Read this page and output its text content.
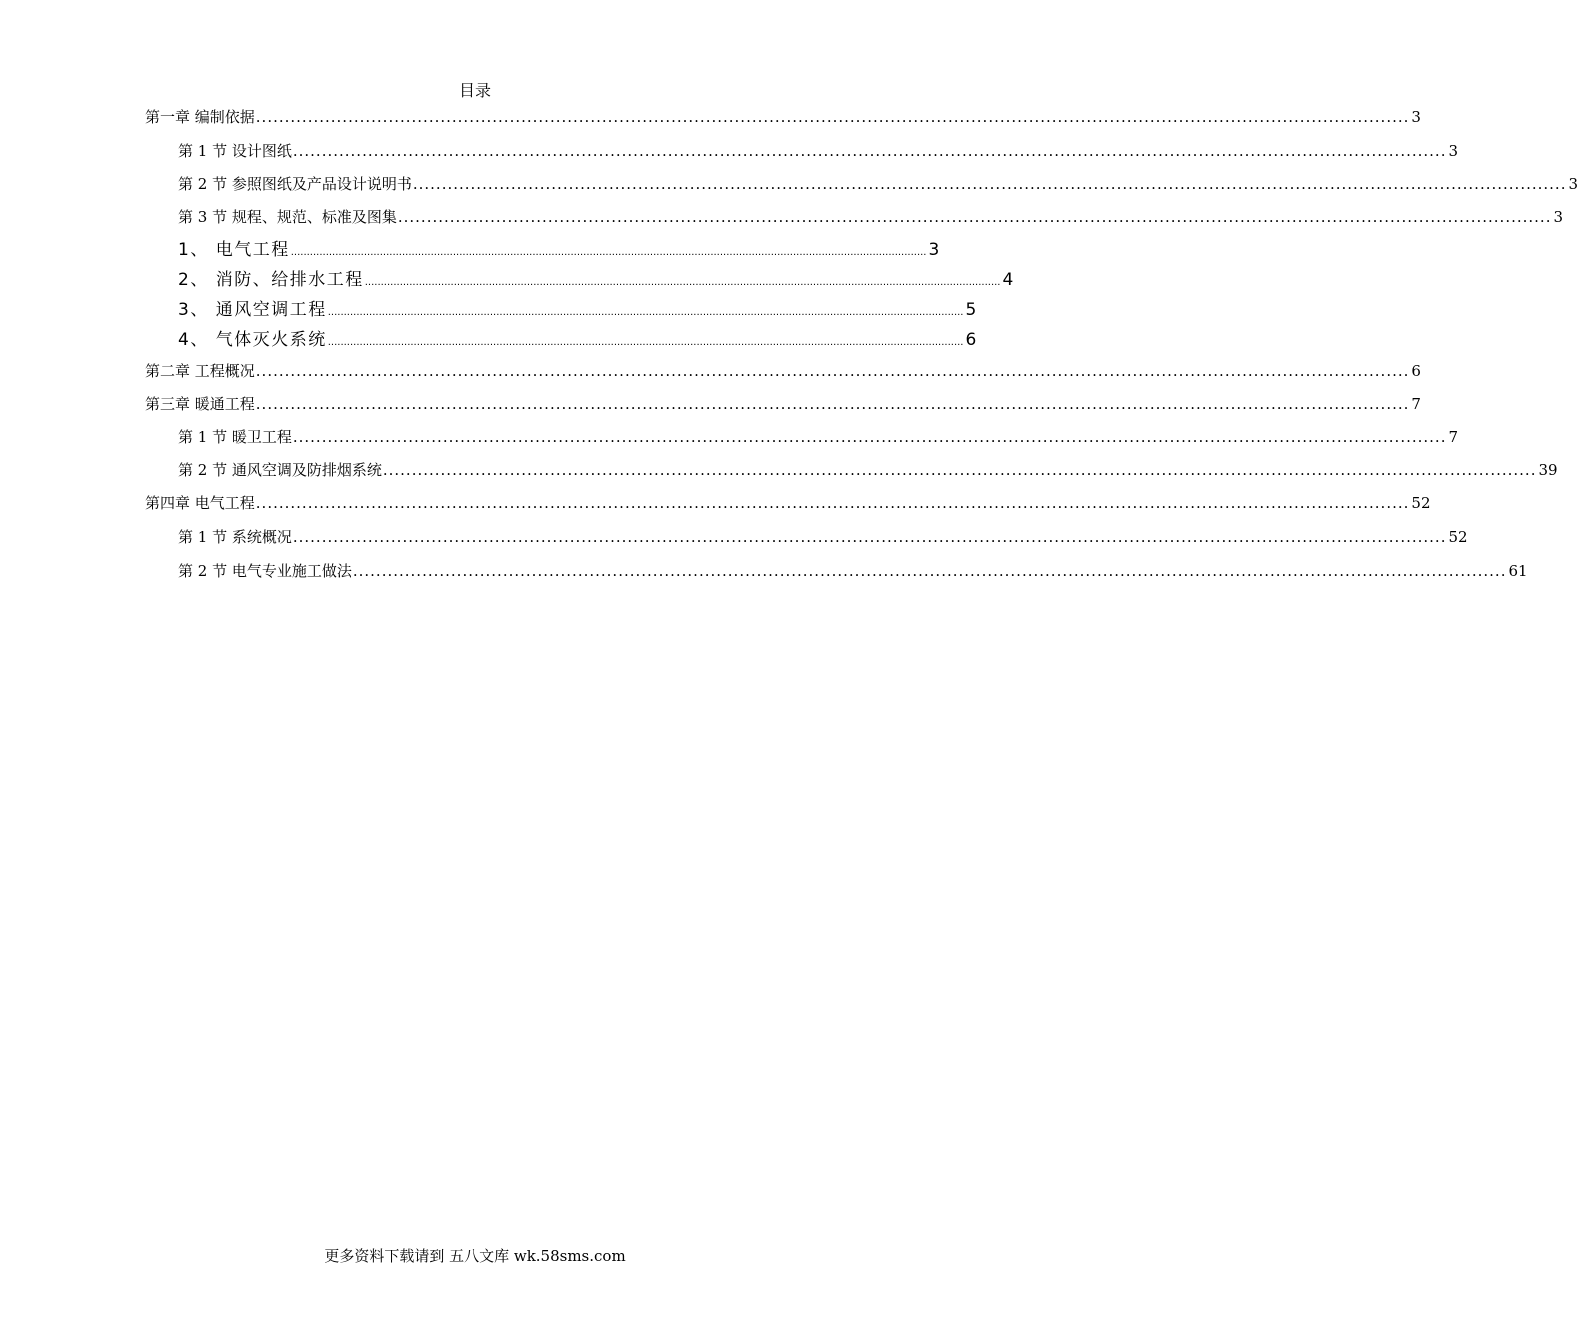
目录
第一章 编制依据 ........................................................................................................................................................................................................ 3
第 1 节 设计图纸 ........................................................................................................................................................................................................ 3
第 2 节 参照图纸及产品设计说明书 ........................................................................................................................................................................................................ 3
第 3 节 规程、规范、标准及图集 ........................................................................................................................................................................................................ 3
1、 电气工程 ........................................................................................................................................................................................................ 3
2、 消防、给排水工程 ........................................................................................................................................................................................................ 4
3、 通风空调工程 ........................................................................................................................................................................................................ 5
4、 气体灭火系统 ........................................................................................................................................................................................................ 6
第二章 工程概况 ........................................................................................................................................................................................................ 6
第三章 暖通工程 ........................................................................................................................................................................................................ 7
第 1 节 暖卫工程 ........................................................................................................................................................................................................ 7
第 2 节 通风空调及防排烟系统 ........................................................................................................................................................................................................ 39
第四章 电气工程 ........................................................................................................................................................................................................ 52
第 1 节 系统概况 ........................................................................................................................................................................................................ 52
第 2 节 电气专业施工做法 ........................................................................................................................................................................................................ 61
更多资料下载请到 五八文库 wk.58sms.com
